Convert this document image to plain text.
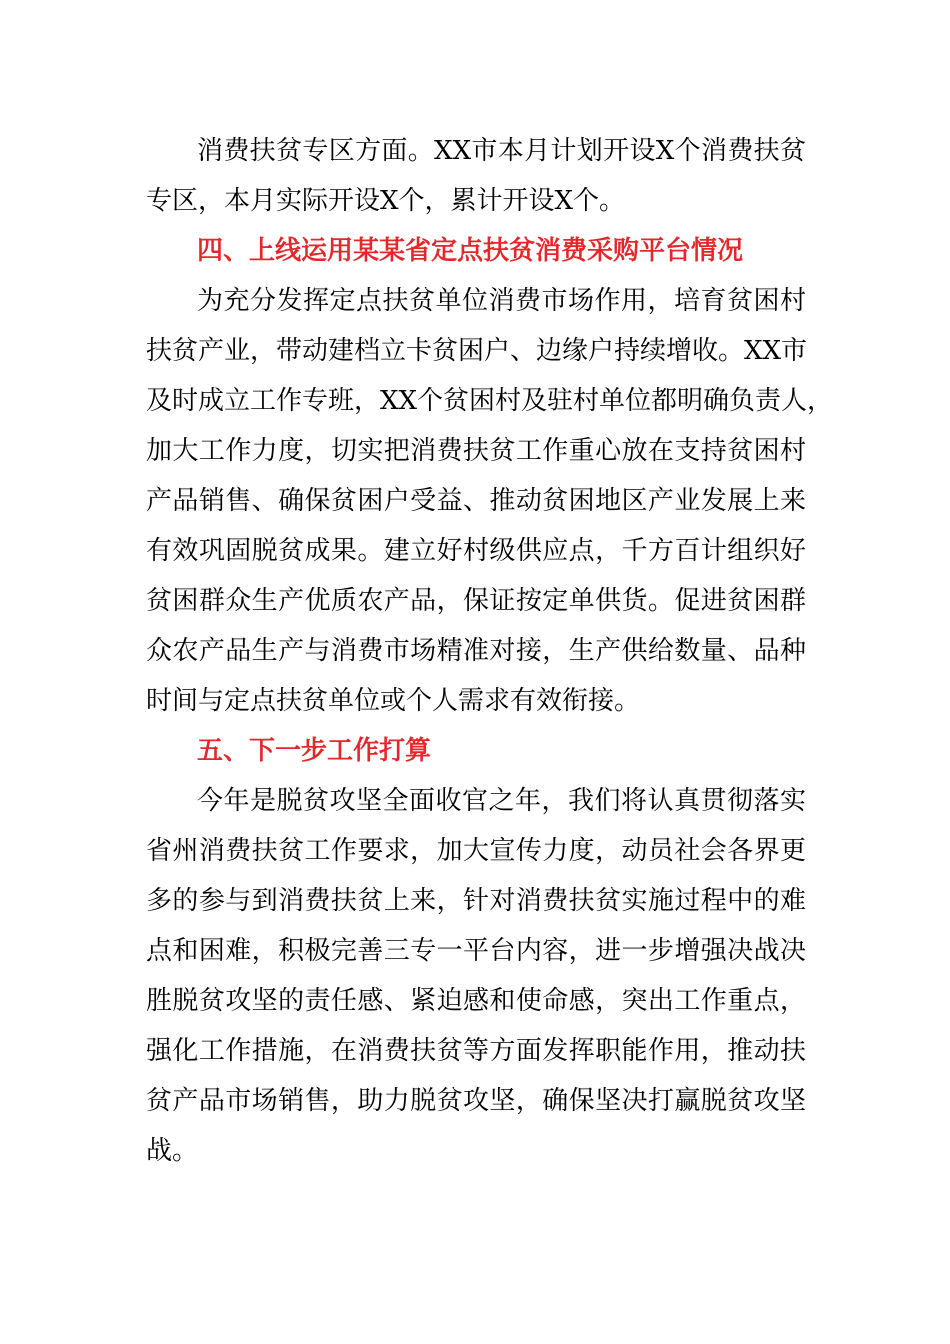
消费扶贫专区方面。XX市本月计划开设X个消费扶贫
专区，本月实际开设X个，累计开设X个。
四、上线运用某某省定点扶贫消费采购平台情况
为充分发挥定点扶贫单位消费市场作用，培育贫困村
扶贫产业，带动建档立卡贫困户、边缘户持续增收。XX市
及时成立工作专班，XX个贫困村及驻村单位都明确负责人，
加大工作力度，切实把消费扶贫工作重心放在支持贫困村
产品销售、确保贫困户受益、推动贫困地区产业发展上来
有效巩固脱贫成果。建立好村级供应点，千方百计组织好
贫困群众生产优质农产品，保证按定单供货。促进贫困群
众农产品生产与消费市场精准对接，生产供给数量、品种
时间与定点扶贫单位或个人需求有效衔接。
五、下一步工作打算
今年是脱贫攻坚全面收官之年，我们将认真贯彻落实
省州消费扶贫工作要求，加大宣传力度，动员社会各界更
多的参与到消费扶贫上来，针对消费扶贫实施过程中的难
点和困难，积极完善三专一平台内容，进一步增强决战决
胜脱贫攻坚的责任感、紧迫感和使命感，突出工作重点，
强化工作措施，在消费扶贫等方面发挥职能作用，推动扶
贫产品市场销售，助力脱贫攻坚，确保坚决打赢脱贫攻坚
战。
